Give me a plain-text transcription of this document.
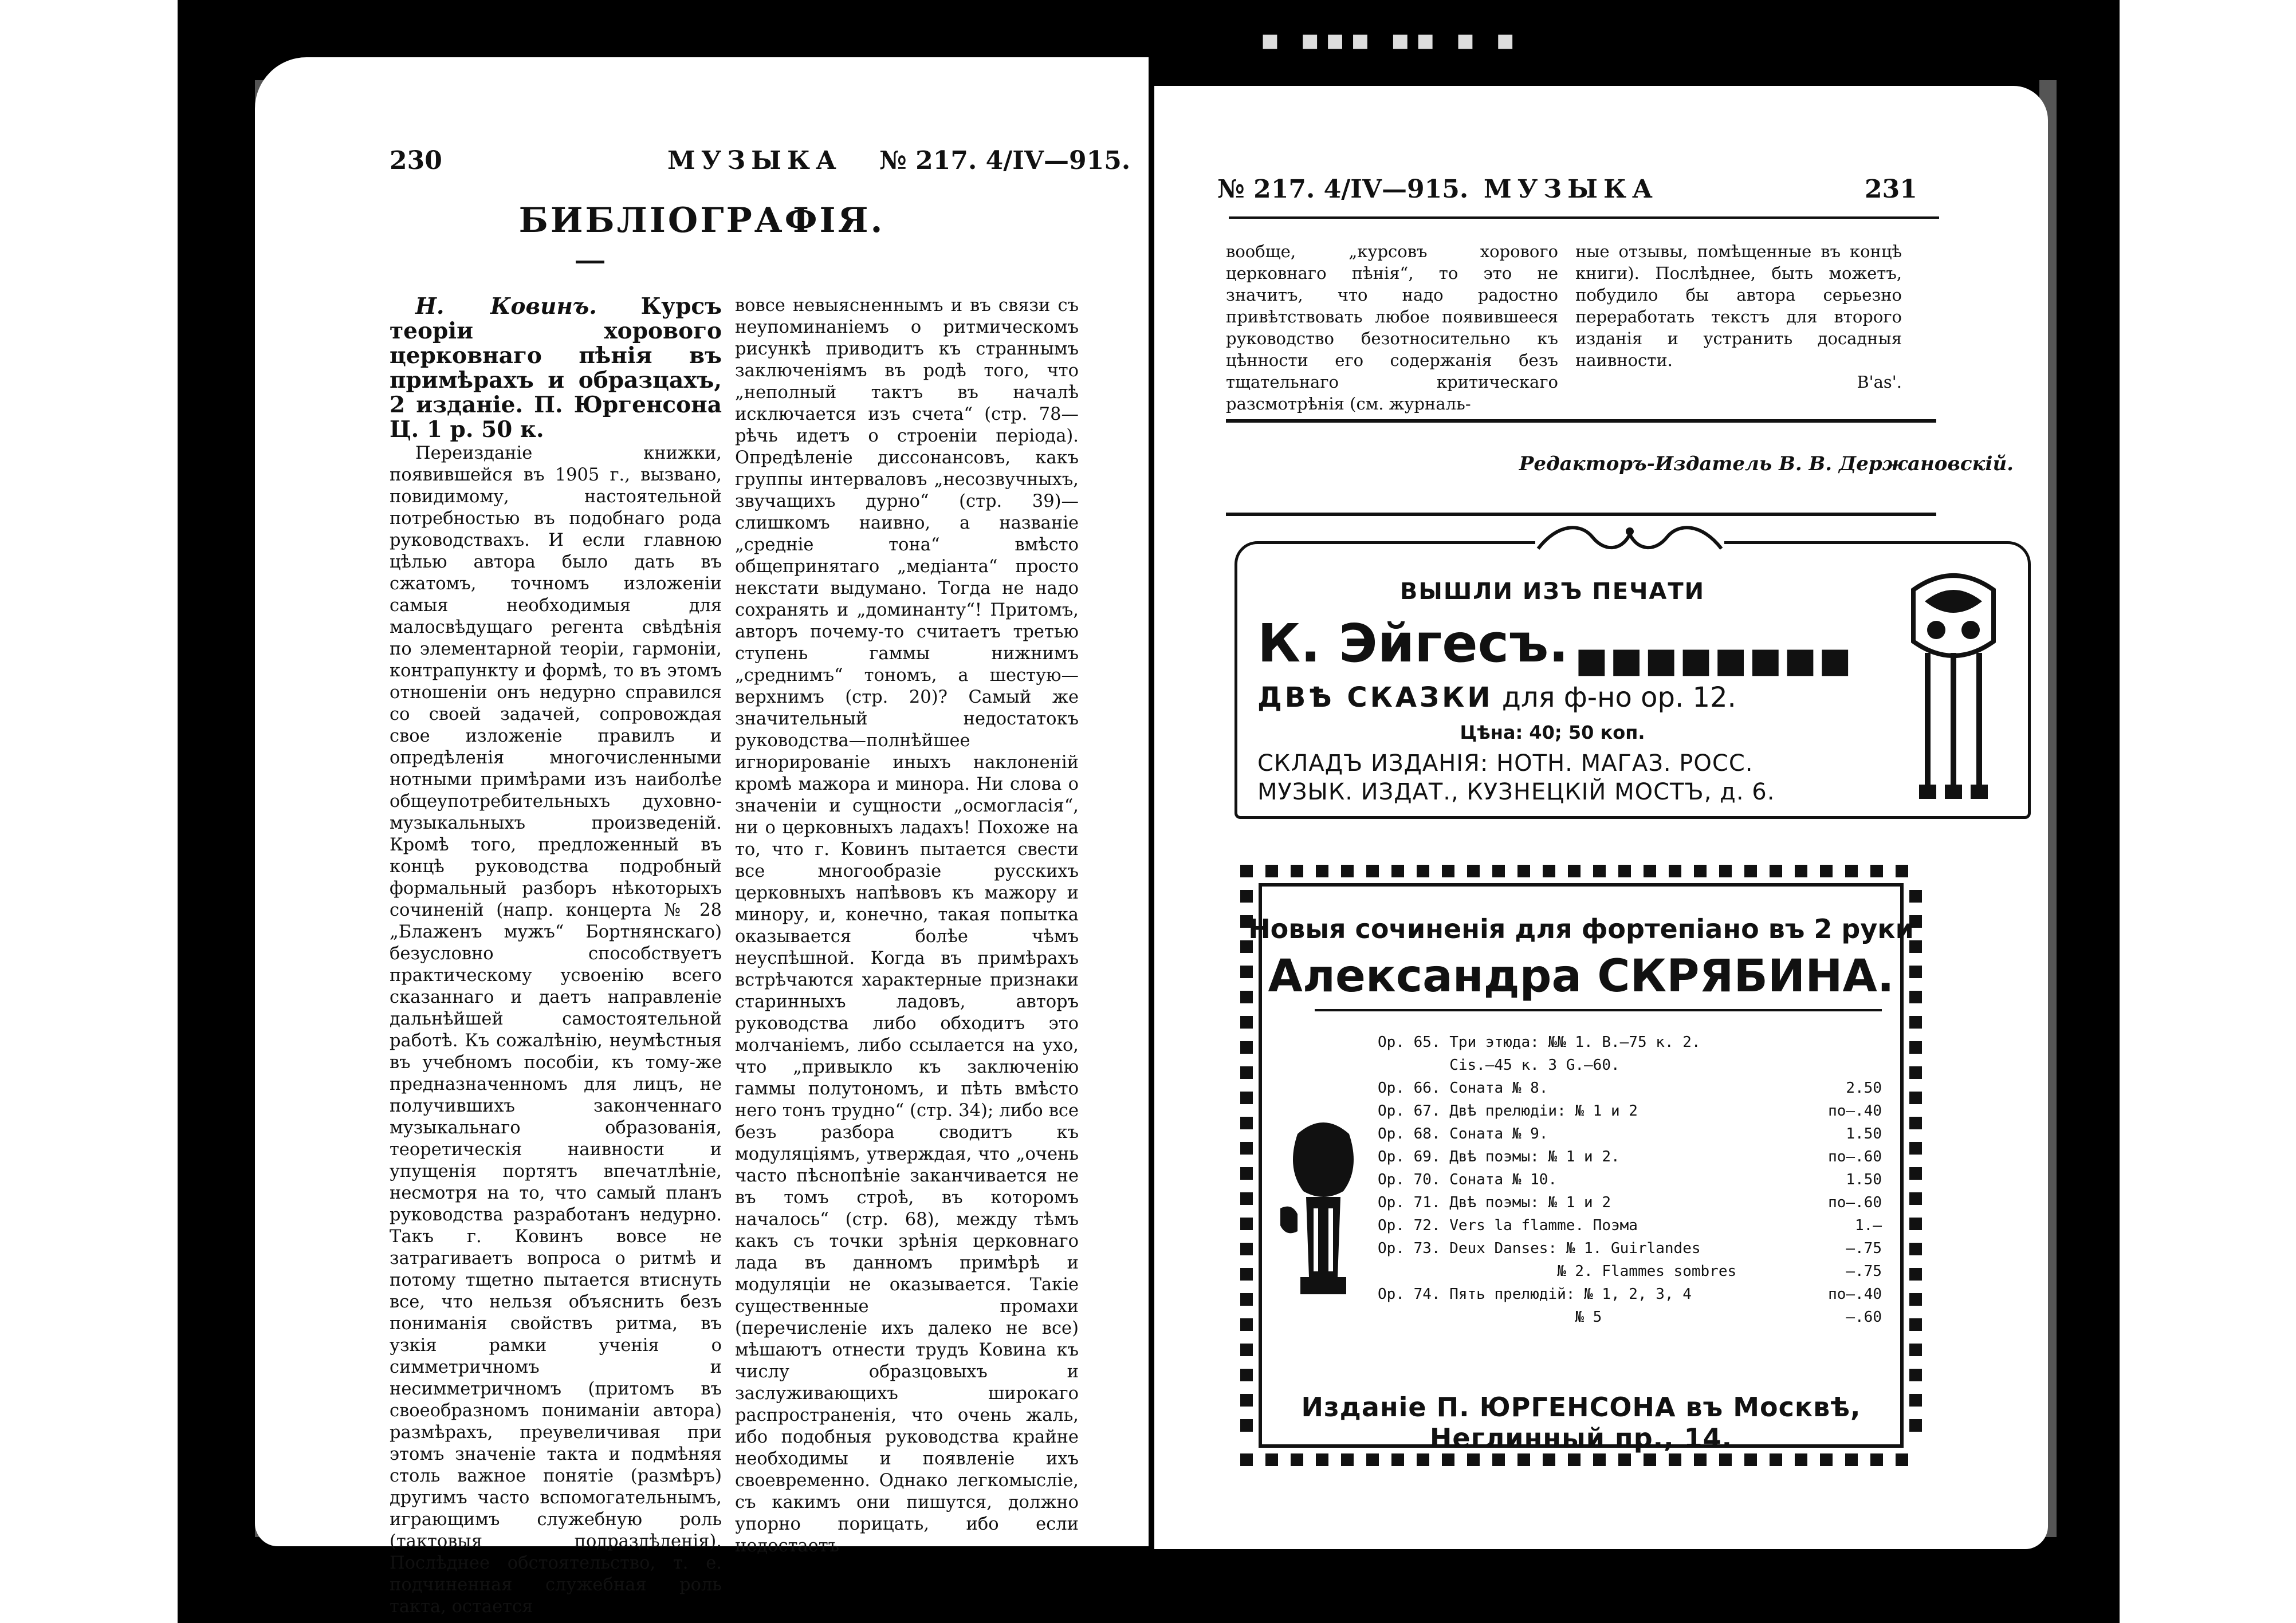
▪ ▪▪▪ ▪▪ ▪ ▪
230	МУЗЫКА № 217. 4/IV—915.
БИБЛІОГРАФІЯ.

Н. Ковинъ. Курсъ теоріи хорового церковнаго пѣнія въ примѣрахъ и образцахъ, 2 изданіе. П. Юргенсона Ц. 1 р. 50 к.

Переизданіе книжки, появившейся въ 1905 г., вызвано, повидимому, настоятельной потребностью въ подобнаго рода руководствахъ. И если главною цѣлью автора было дать въ сжатомъ, точномъ изложеніи самыя необходимыя для малосвѣдущаго регента свѣдѣнія по элементарной теоріи, гармоніи, контрапункту и формѣ, то въ этомъ отношеніи онъ недурно справился со своей задачей, сопровождая свое изложеніе правилъ и опредѣленія многочисленными нотными примѣрами изъ наиболѣе общеупотребительныхъ духовно-музыкальныхъ произведеній. Кромѣ того, предложенный въ концѣ руководства подробный формальный разборъ нѣкоторыхъ сочиненій (напр. концерта № 28 „Блаженъ мужъ“ Бортнянскаго) безусловно способствуетъ практическому усвоенію всего сказаннаго и даетъ направленіе дальнѣйшей самостоятельной работѣ. Къ сожалѣнію, неумѣстныя въ учебномъ пособіи, къ тому-же предназначенномъ для лицъ, не получившихъ законченнаго музыкальнаго образованія, теоретическія наивности и упущенія портятъ впечатлѣніе, несмотря на то, что самый планъ руководства разработанъ недурно. Такъ г. Ковинъ вовсе не затрагиваетъ вопроса о ритмѣ и потому тщетно пытается втиснуть все, что нельзя объяснить безъ пониманія свойствъ ритма, въ узкія рамки ученія о симметричномъ и несимметричномъ (притомъ въ своеобразномъ пониманіи автора) размѣрахъ, преувеличивая при этомъ значеніе такта и подмѣняя столь важное понятіе (размѣръ) другимъ часто вспомогательнымъ, играющимъ служебную роль (тактовыя подраздѣленія). Послѣднее обстоятельство, т. е. подчиненная служебная роль такта, остается

вовсе невыясненнымъ и въ связи съ неупоминаніемъ о ритмическомъ рисункѣ приводитъ къ страннымъ заключеніямъ въ родѣ того, что „неполный тактъ въ началѣ исключается изъ счета“ (стр. 78—рѣчь идетъ о строеніи періода). Опредѣленіе диссонансовъ, какъ группы интерваловъ „несозвучныхъ, звучащихъ дурно“ (стр. 39)—слишкомъ наивно, а названіе „средніе тона“ вмѣсто общепринятаго „медіанта“ просто некстати выдумано. Тогда не надо сохранять и „доминанту“! Притомъ, авторъ почему-то считаетъ третью ступень гаммы нижнимъ „среднимъ“ тономъ, а шестую—верхнимъ (стр. 20)? Самый же значительный недостатокъ руководства—полнѣйшее игнорированіе иныхъ наклоненій кромѣ мажора и минора. Ни слова о значеніи и сущности „осмогласія“, ни о церковныхъ ладахъ! Похоже на то, что г. Ковинъ пытается свести все многообразіе русскихъ церковныхъ напѣвовъ къ мажору и минору, и, конечно, такая попытка оказывается болѣе чѣмъ неуспѣшной. Когда въ примѣрахъ встрѣчаются характерные признаки старинныхъ ладовъ, авторъ руководства либо обходитъ это молчаніемъ, либо ссылается на ухо, что „привыкло къ заключенію гаммы полутономъ, и пѣть вмѣсто него тонъ трудно“ (стр. 34); либо все безъ разбора сводитъ къ модуляціямъ, утверждая, что „очень часто пѣснопѣніе заканчивается не въ томъ строѣ, въ которомъ началось“ (стр. 68), между тѣмъ какъ съ точки зрѣнія церковнаго лада въ данномъ примѣрѣ и модуляціи не оказывается. Такіе существенные промахи (перечисленіе ихъ далеко не все) мѣшаютъ отнести трудъ Ковина къ числу образцовыхъ и заслуживающихъ широкаго распространенія, что очень жаль, ибо подобныя руководства крайне необходимы и появленіе ихъ своевременно. Однако легкомысліе, съ какимъ они пишутся, должно упорно порицать, ибо если недостаетъ

№ 217. 4/IV—915. МУЗЫКА	231

вообще, „курсовъ хорового церковнаго пѣнія“, то это не значитъ, что надо радостно привѣтствовать любое появившееся руководство безотносительно къ цѣнности его содержанія безъ тщательнаго критическаго разсмотрѣнія (см. журналь-

ные отзывы, помѣщенные въ концѣ книги). Послѣднее, быть можетъ, побудило бы автора серьезно переработать текстъ для второго изданія и устранить досадныя наивности.

В'as'.

Редакторъ-Издатель В. В. Держановскій.
ВЫШЛИ ИЗЪ ПЕЧАТИ
К. Эйгесъ. ■■■■■■■■
ДВѢ СКАЗКИ для ф-но ор. 12.
Цѣна: 40; 50 коп.
СКЛАДЪ ИЗДАНІЯ: НОТН. МАГАЗ. РОСС.
МУЗЫК. ИЗДАТ., КУЗНЕЦКІЙ МОСТЪ, д. 6.
Новыя сочиненія для фортепіано въ 2 руки
Александра СКРЯБИНА.
Op. 65. Три этюда: №№ 1. B.—75 к. 2.
Cis.—45 к. 3 G.—60.
Op. 66. Соната № 8.	2.50
Op. 67. Двѣ прелюдіи: № 1 и 2	по—.40
Op. 68. Соната № 9.	1.50
Op. 69. Двѣ поэмы: № 1 и 2.	по—.60
Op. 70. Соната № 10.	1.50
Op. 71. Двѣ поэмы: № 1 и 2	по—.60
Op. 72. Vers la flamme. Поэма	1.—
Op. 73. Deux Danses: № 1. Guirlandes	—.75
№ 2. Flammes sombres	—.75
Op. 74. Пять прелюдій: № 1, 2, 3, 4	по—.40
№ 5	—.60
Изданіе П. ЮРГЕНСОНА въ Москвѣ, Неглинный пр., 14.
